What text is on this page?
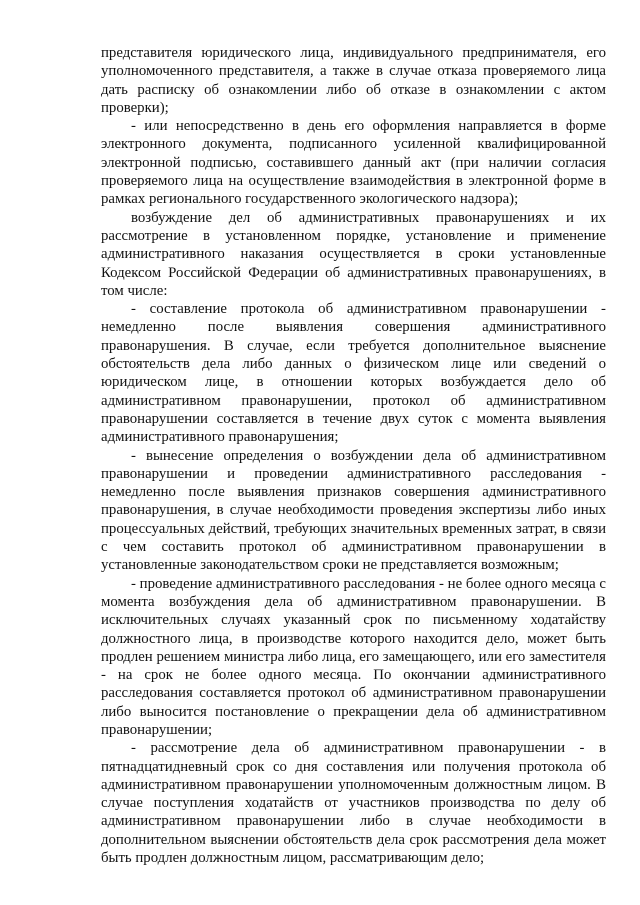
представителя юридического лица, индивидуального предпринимателя, его уполномоченного представителя, а также в случае отказа проверяемого лица дать расписку об ознакомлении либо об отказе в ознакомлении с актом проверки);

- или непосредственно в день его оформления направляется в форме электронного документа, подписанного усиленной квалифицированной электронной подписью, составившего данный акт (при наличии согласия проверяемого лица на осуществление взаимодействия в электронной форме в рамках регионального государственного экологического надзора);

возбуждение дел об административных правонарушениях и их рассмотрение в установленном порядке, установление и применение административного наказания осуществляется в сроки установленные Кодексом Российской Федерации об административных правонарушениях, в том числе:

- составление протокола об административном правонарушении - немедленно после выявления совершения административного правонарушения. В случае, если требуется дополнительное выяснение обстоятельств дела либо данных о физическом лице или сведений о юридическом лице, в отношении которых возбуждается дело об административном правонарушении, протокол об административном правонарушении составляется в течение двух суток с момента выявления административного правонарушения;

- вынесение определения о возбуждении дела об административном правонарушении и проведении административного расследования - немедленно после выявления признаков совершения административного правонарушения, в случае необходимости проведения экспертизы либо иных процессуальных действий, требующих значительных временных затрат, в связи с чем составить протокол об административном правонарушении в установленные законодательством сроки не представляется возможным;

- проведение административного расследования - не более одного месяца с момента возбуждения дела об административном правонарушении. В исключительных случаях указанный срок по письменному ходатайству должностного лица, в производстве которого находится дело, может быть продлен решением министра либо лица, его замещающего, или его заместителя - на срок не более одного месяца. По окончании административного расследования составляется протокол об административном правонарушении либо выносится постановление о прекращении дела об административном правонарушении;

- рассмотрение дела об административном правонарушении - в пятнадцатидневный срок со дня составления или получения протокола об административном правонарушении уполномоченным должностным лицом. В случае поступления ходатайств от участников производства по делу об административном правонарушении либо в случае необходимости в дополнительном выяснении обстоятельств дела срок рассмотрения дела может быть продлен должностным лицом, рассматривающим дело;
